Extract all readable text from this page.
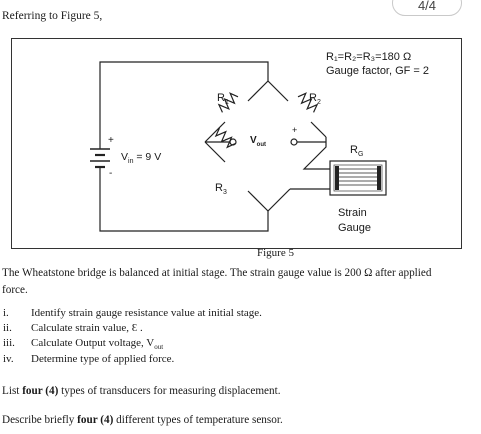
4/4
Referring to Figure 5,
R₁=R₂=R₃=180 Ω
Gauge factor, GF = 2
$R_1$	$R_2$
$R_3$
$R_G$
+
-
$V_{in} = 9$ V
$V_{out}$
-
+
Strain
Gauge
Figure 5
The Wheatstone bridge is balanced at initial stage. The strain gauge value is 200 Ω after applied
force.
i. Identify strain gauge resistance value at initial stage.
ii. Calculate strain value, Ɛ .
iii. Calculate Output voltage, $V_{out}$
iv. Determine type of applied force.
List four (4) types of transducers for measuring displacement.
Describe briefly four (4) different types of temperature sensor.
